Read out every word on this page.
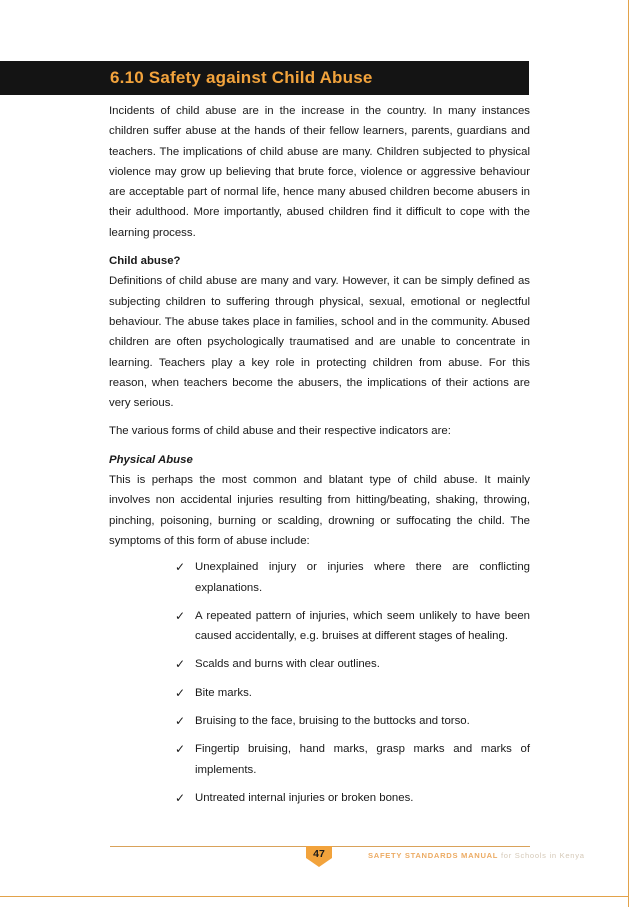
6.10 Safety against Child Abuse

Incidents of child abuse are in the increase in the country. In many instances children suffer abuse at the hands of their fellow learners, parents, guardians and teachers. The implications of child abuse are many. Children subjected to physical violence may grow up believing that brute force, violence or aggressive behaviour are acceptable part of normal life, hence many abused children become abusers in their adulthood. More importantly, abused children find it difficult to cope with the learning process.

Child abuse?

Definitions of child abuse are many and vary. However, it can be simply defined as subjecting children to suffering through physical, sexual, emotional or neglectful behaviour. The abuse takes place in families, school and in the community. Abused children are often psychologically traumatised and are unable to concentrate in learning. Teachers play a key role in protecting children from abuse. For this reason, when teachers become the abusers, the implications of their actions are very serious.

The various forms of child abuse and their respective indicators are:

Physical Abuse

This is perhaps the most common and blatant type of child abuse. It mainly involves non accidental injuries resulting from hitting/beating, shaking, throwing, pinching, poisoning, burning or scalding, drowning or suffocating the child. The symptoms of this form of abuse include:

✓ Unexplained injury or injuries where there are conflicting explanations.
✓ A repeated pattern of injuries, which seem unlikely to have been caused accidentally, e.g. bruises at different stages of healing.
✓ Scalds and burns with clear outlines.
✓ Bite marks.
✓ Bruising to the face, bruising to the buttocks and torso.
✓ Fingertip bruising, hand marks, grasp marks and marks of implements.
✓ Untreated internal injuries or broken bones.
47	SAFETY STANDARDS MANUAL for Schools in Kenya
